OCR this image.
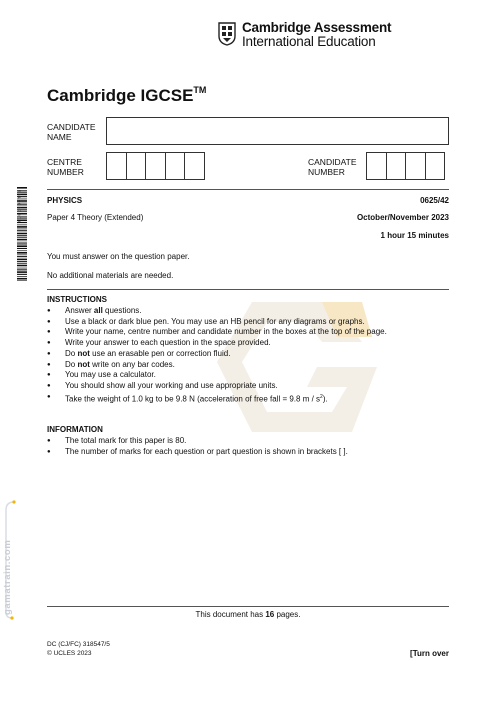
Cambridge Assessment
International Education
Cambridge IGCSE™
CANDIDATE
NAME
CENTRE
NUMBER
CANDIDATE
NUMBER
8 8 1 0 0 5 3 3 7 3	PHYSICS	0625/42
Paper 4 Theory (Extended)	October/November 2023
1 hour 15 minutes
You must answer on the question paper.
No additional materials are needed.
INSTRUCTIONS
● Answer all questions.
● Use a black or dark blue pen. You may use an HB pencil for any diagrams or graphs.
● Write your name, centre number and candidate number in the boxes at the top of the page.
● Write your answer to each question in the space provided.
● Do not use an erasable pen or correction fluid.
● Do not write on any bar codes.
● You may use a calculator.
● You should show all your working and use appropriate units.
● Take the weight of 1.0 kg to be 9.8 N (acceleration of free fall = 9.8 m / $s^2$).
INFORMATION
● The total mark for this paper is 80.
● The number of marks for each question or part question is shown in brackets [ ].
gamatrain.com	This document has 16 pages.
DC (CJ/FC) 318547/5
© UCLES 2023	[Turn over
